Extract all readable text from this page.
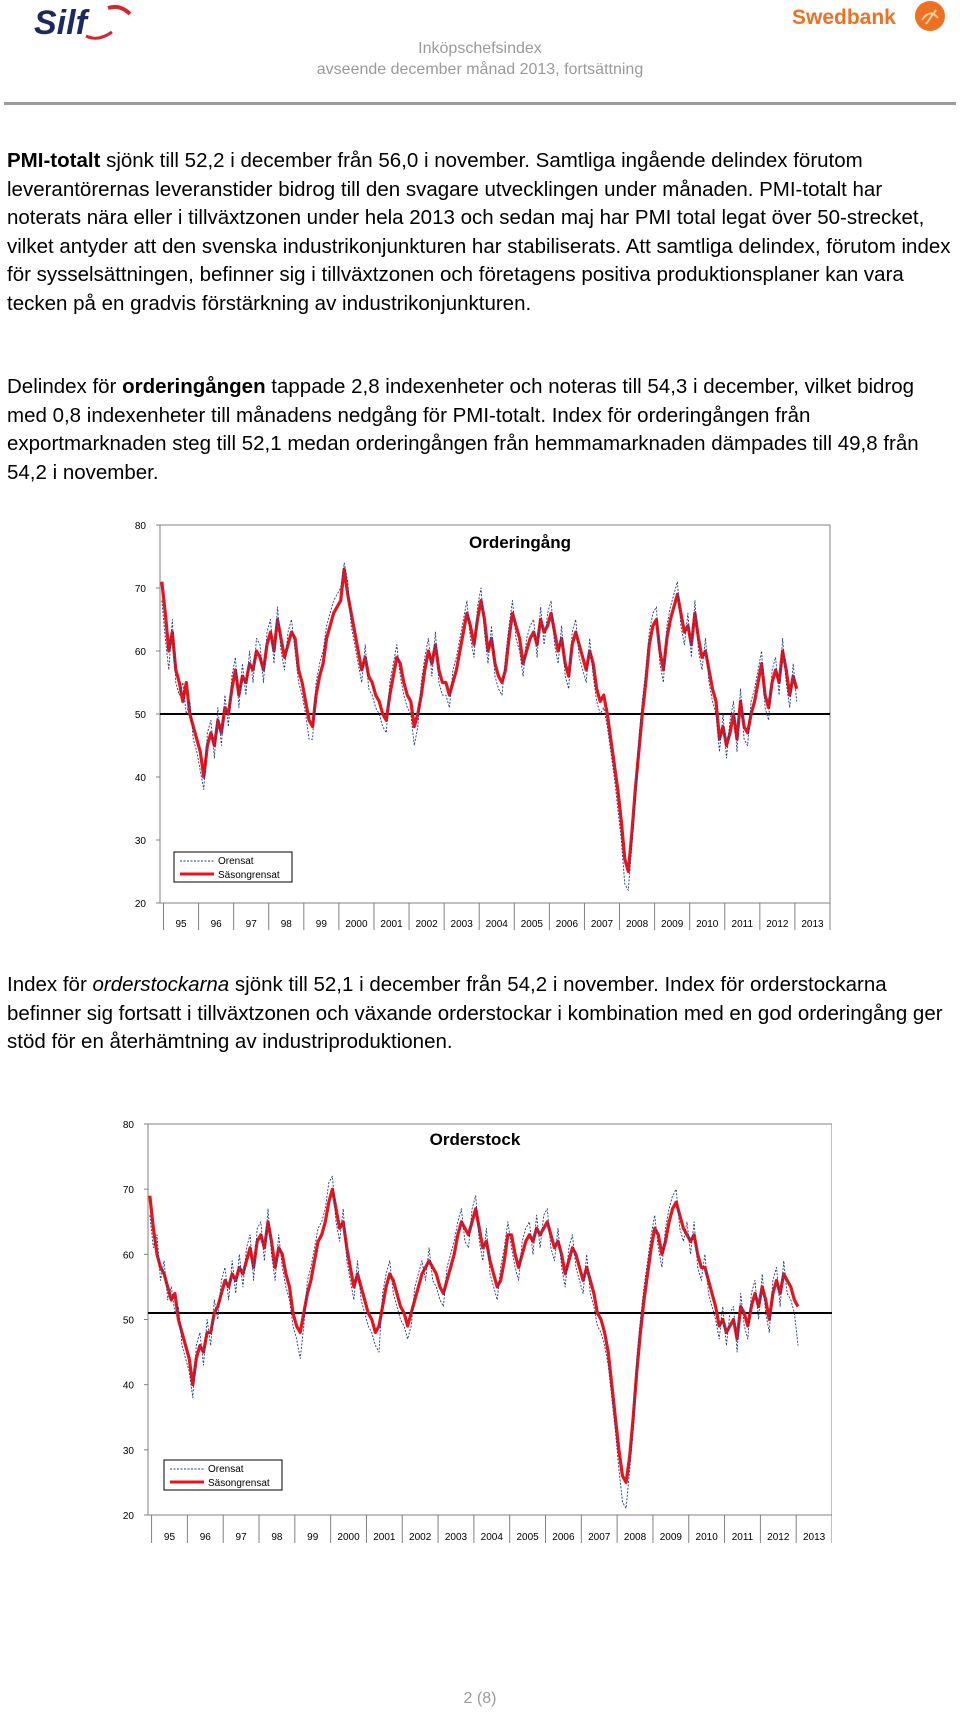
Silf	Swedbank
Inköpschefsindex
avseende december månad 2013, fortsättning
PMI-totalt sjönk till 52,2 i december från 56,0 i november. Samtliga ingående delindex förutom leverantörernas leveranstider bidrog till den svagare utvecklingen under månaden. PMI-totalt har noterats nära eller i tillväxtzonen under hela 2013 och sedan maj har PMI total legat över 50-strecket, vilket antyder att den svenska industrikonjunkturen har stabiliserats. Att samtliga delindex, förutom index för sysselsättningen, befinner sig i tillväxtzonen och företagens positiva produktionsplaner kan vara tecken på en gradvis förstärkning av industrikonjunkturen.
Delindex för orderingången tappade 2,8 indexenheter och noteras till 54,3 i december, vilket bidrog med 0,8 indexenheter till månadens nedgång för PMI-totalt. Index för orderingången från exportmarknaden steg till 52,1 medan orderingången från hemmamarknaden dämpades till 49,8 från 54,2 i november.
80
70
60
50
40
30
20
95 96 97 98 99 2000 2001 2002 2003 2004 2005 2006 2007 2008 2009 2010 2011 2012 2013
Orderingång
Orensat
Säsongrensat
Index för orderstockarna sjönk till 52,1 i december från 54,2 i november. Index för orderstockarna befinner sig fortsatt i tillväxtzonen och växande orderstockar i kombination med en god orderingång ger stöd för en återhämtning av industriproduktionen.
80
70
60
50
40
30
20
95 96 97 98 99 2000 2001 2002 2003 2004 2005 2006 2007 2008 2009 2010 2011 2012 2013
Orderstock
Orensat
Säsongrensat
2 (8)
